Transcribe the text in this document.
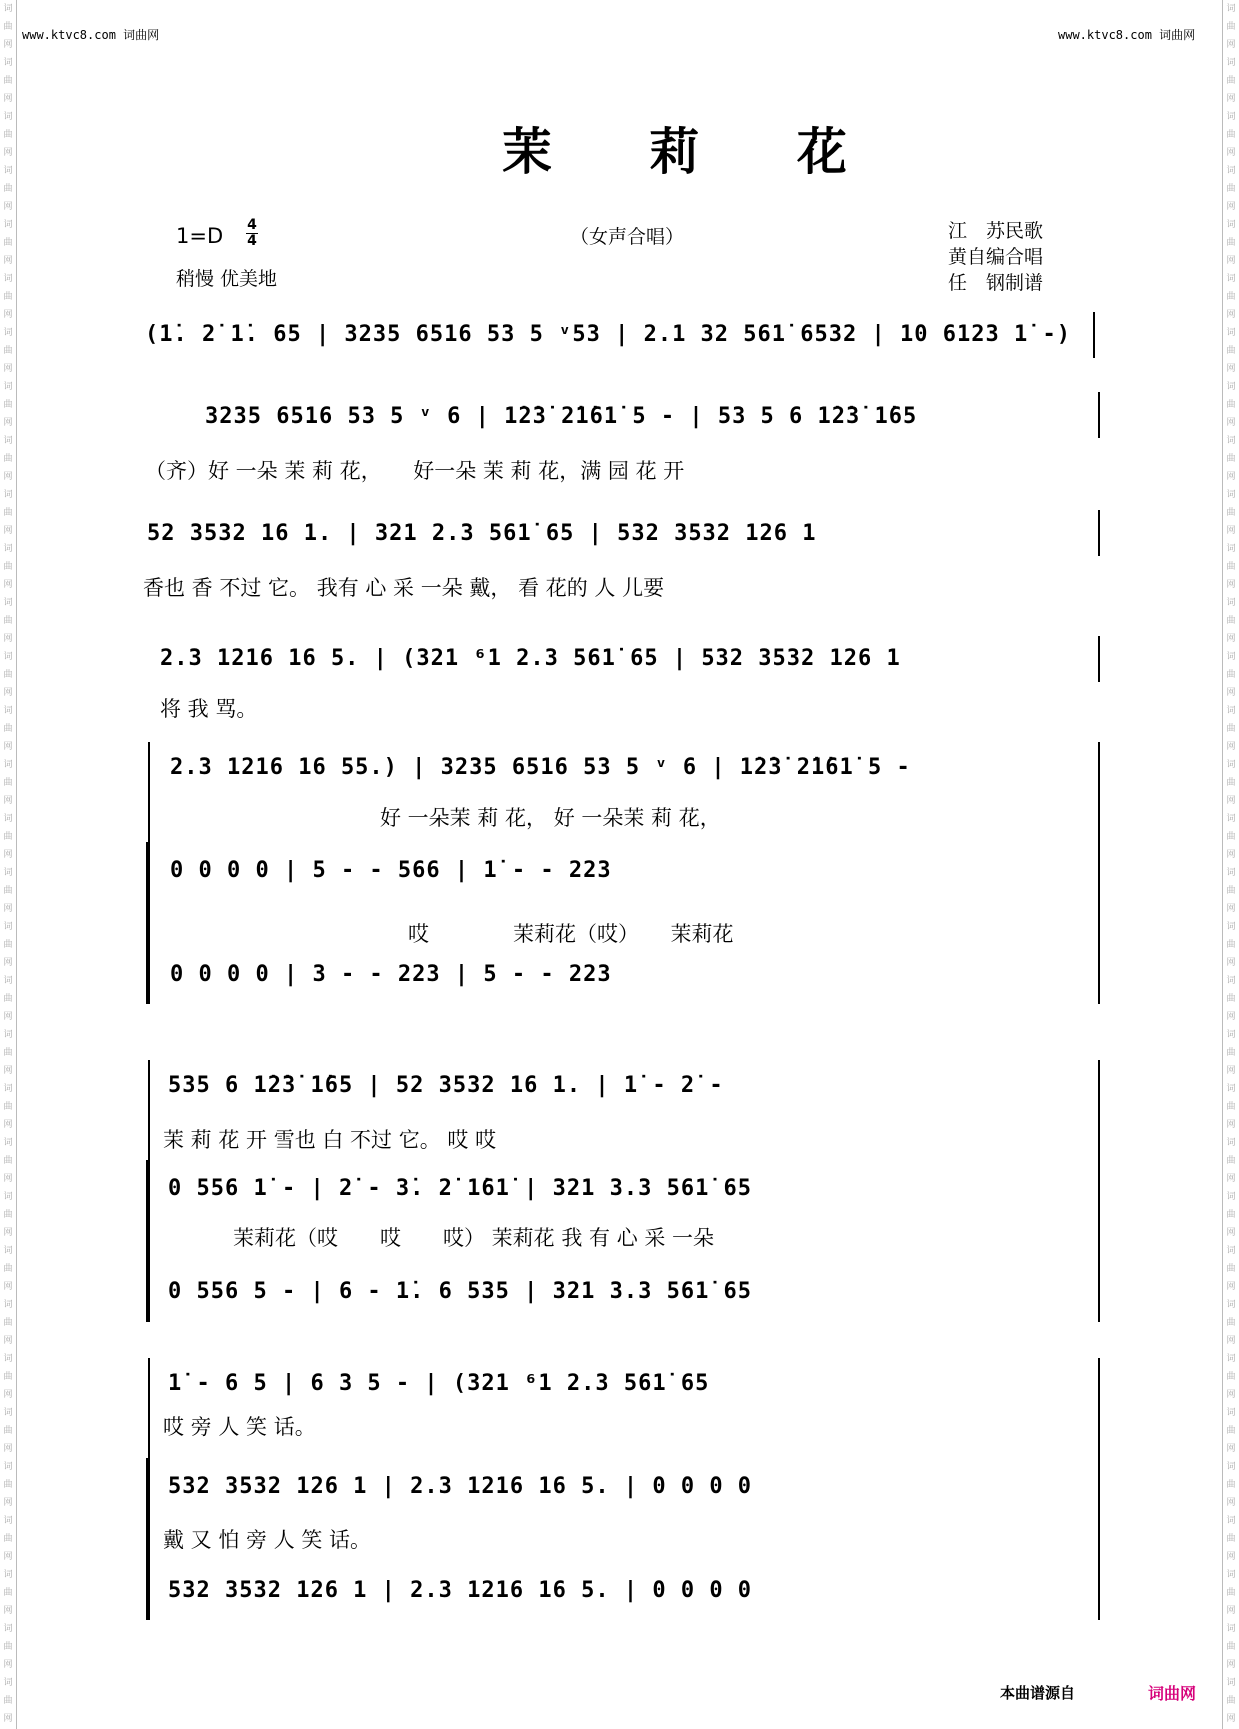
词曲网词曲网词曲网词曲网词曲网词曲网词曲网词曲网词曲网词曲网词曲网词曲网词曲网词曲网词曲网词曲网词曲网词曲网词曲网词曲网词曲网词曲网词曲网词曲网词曲网词曲网词曲网词曲网词曲网词曲网词曲网词曲网
词曲网词曲网词曲网词曲网词曲网词曲网词曲网词曲网词曲网词曲网词曲网词曲网词曲网词曲网词曲网词曲网词曲网词曲网词曲网词曲网词曲网词曲网词曲网词曲网词曲网词曲网词曲网词曲网词曲网词曲网词曲网词曲网
www.ktvc8.com 词曲网	www.ktvc8.com 词曲网
茉 莉 花
1=D 4
4
稍慢 优美地
（女声合唱）	江　苏民歌
黄自编合唱
任　钢制谱
(1̇. 2̇ 1̇. 65 | 3235 6516 53 5 ᵛ53 | 2.1 32 561̇ 6532 | 10 6123 1̇ -)
3235 6516 53 5 ᵛ 6 | 1̇2̇3̇ 2̇1̇61̇ 5 - | 53 5 6 1̇2̇3̇ 1̇65
（齐）好 一朵 茉 莉 花，　　好一朵 茉 莉 花，满 园 花 开
52 3532 16 1. | 321 2.3 561̇ 65 | 532 3532 126 1
香也 香 不过 它。 我有 心 采 一朵 戴， 看 花的 人 儿要
2.3 1216 16 5. | (321 ⁶1 2.3 561̇ 65 | 532 3532 126 1
将 我 骂。
2.3 1216 16 55.) | 3235 6516 53 5 ᵛ 6 | 1̇2̇3̇ 2̇1̇61̇ 5 -
好 一朵茉 莉 花， 好 一朵茉 莉 花，
0 0 0 0 | 5 - - 566 | 1̇ - - 223
哎　　　　茉莉花（哎）　　茉莉花
0 0 0 0 | 3 - - 223 | 5 - - 223
535 6 1̇2̇3̇ 1̇65 | 52 3532 16 1. | 1̇ - 2̇ -
茉 莉 花 开 雪也 白 不过 它。 哎 哎
0 556 1̇ - | 2̇ - 3̇. 2̇ 1̇61̇ | 321 3.3 561̇ 65
茉莉花（哎　　哎　　哎） 茉莉花 我 有 心 采 一朵
0 556 5 - | 6 - 1̇. 6 535 | 321 3.3 561̇ 65
1̇ - 6 5 | 6 3 5 - | (321 ⁶1 2.3 561̇ 65
哎 旁 人 笑 话。
532 3532 126 1 | 2.3 1216 16 5. | 0 0 0 0
戴 又 怕 旁 人 笑 话。
532 3532 126 1 | 2.3 1216 16 5. | 0 0 0 0
本曲谱源自	词曲网
